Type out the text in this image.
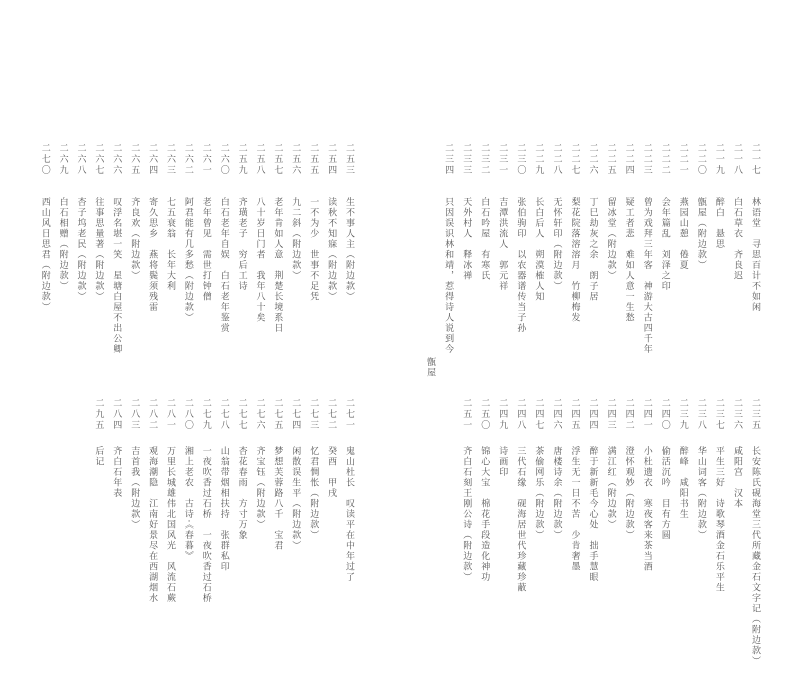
二五三
生不事人主（附边款）
二五四
读秋不知寐（附边款）
二五五
一不为少　世事不足凭
二五六
九二斜（附边款）
二五七
老年肯如人意　荆楚长境系日
二五八
八十岁日门者　我年八十矣
二五九
齐璜老子　穷后工诗
二六〇
白石老年自娱　白石老年鉴赏
二六一
老年曾见　需世打钟僧
二六二
阿君能有几多愁（附边款）
二六三
七五衰翁　长年大利
二六四
寄久思乡　燕将鬓须残雷
二六五
齐良欢（附边款）
二六六
叹浮名堪一笑　星塘白屋不出公卿
二六七
往事思量著（附边款）
二六八
杏子坞老民（附边款）
二六九
白石相赠（附边款）
二七〇
西山风日思君（附边款）
二七一
鬼山杜长　叹读平在中年过了
二七二
癸酉　甲戌
二七三
忆君惆怅（附边款）
二七四
闲散误生平（附边款）
二七五
梦想芙蓉路八千　宝君
二七六
齐宝钰（附边款）
二七七
杏花春雨　方寸万象
二七八
山翁带烟相扶持　张群私印
二七九
一夜吹香过石桥　一夜吹香过石桥
二八〇
湘上老农　古诗·《春暮》
二八一
万里长城雄伟北国风光　风流石蕨
二八二
观海潮隐　江南好景尽在西湖烟水
二八三
吉首我（附边款）
二八四
齐白石年表
二九五
后记
二一七
林语堂　寻思百计不如闲
二一八
白石草衣　齐良迟
二一九
醉白　悬思
二二〇
甑屋（附边款）
二二一
燕园山憩　倦夏
二二二
会年篇乱　刘泽之印
二二三
曾为戏拜三年客　神游大古四千年
二二四
疑工者悲　难如人意一生愁
二二五
留冰堂（附边款）
二二六
丁巳劫灰之余　朗子居
二二七
梨花院落溶溶月　竹柳梅发
二二八
无怀轩印（附边款）
二二九
长白后人　朔漠榷人知
二三〇
张伯驹印　以农器谱传当子孙
二三一
吉潭洪流人　郭元祥
二三二
白石吟屋　有寒氏
二三三
天外村人　释冰禅
二三四
只因误识林和靖，惹得诗人说到今
甑屋
二三五
长安陈氏砚海堂三代所藏金石文字记（附边款）
二三六
咸阳宫　汉本
二三七
平生三好　诗歌琴酒金石乐平生
二三八
华山词客（附边款）
二三九
醉峰　咸阳书生
二四〇
偷活沉吟　目有方圆
二四一
小杜遗衣　寒夜客来茶当酒
二四二
澄怀观妙（附边款）
二四三
满江红（附边款）
二四四
醉于新新毛今心处　拙手慧眼
二四五
浮生无一日不苦　少肯奢墨
二四六
唐楼诗余（附边款）
二四七
茶偷网乐（附边款）
二四八
三代石缘　砚海居世代珍藏珍蔽
二四九
诗画印
二五〇
锦心大宝　棉花手段造化神功
二五一
齐白石刻王刚公诗（附边款）
